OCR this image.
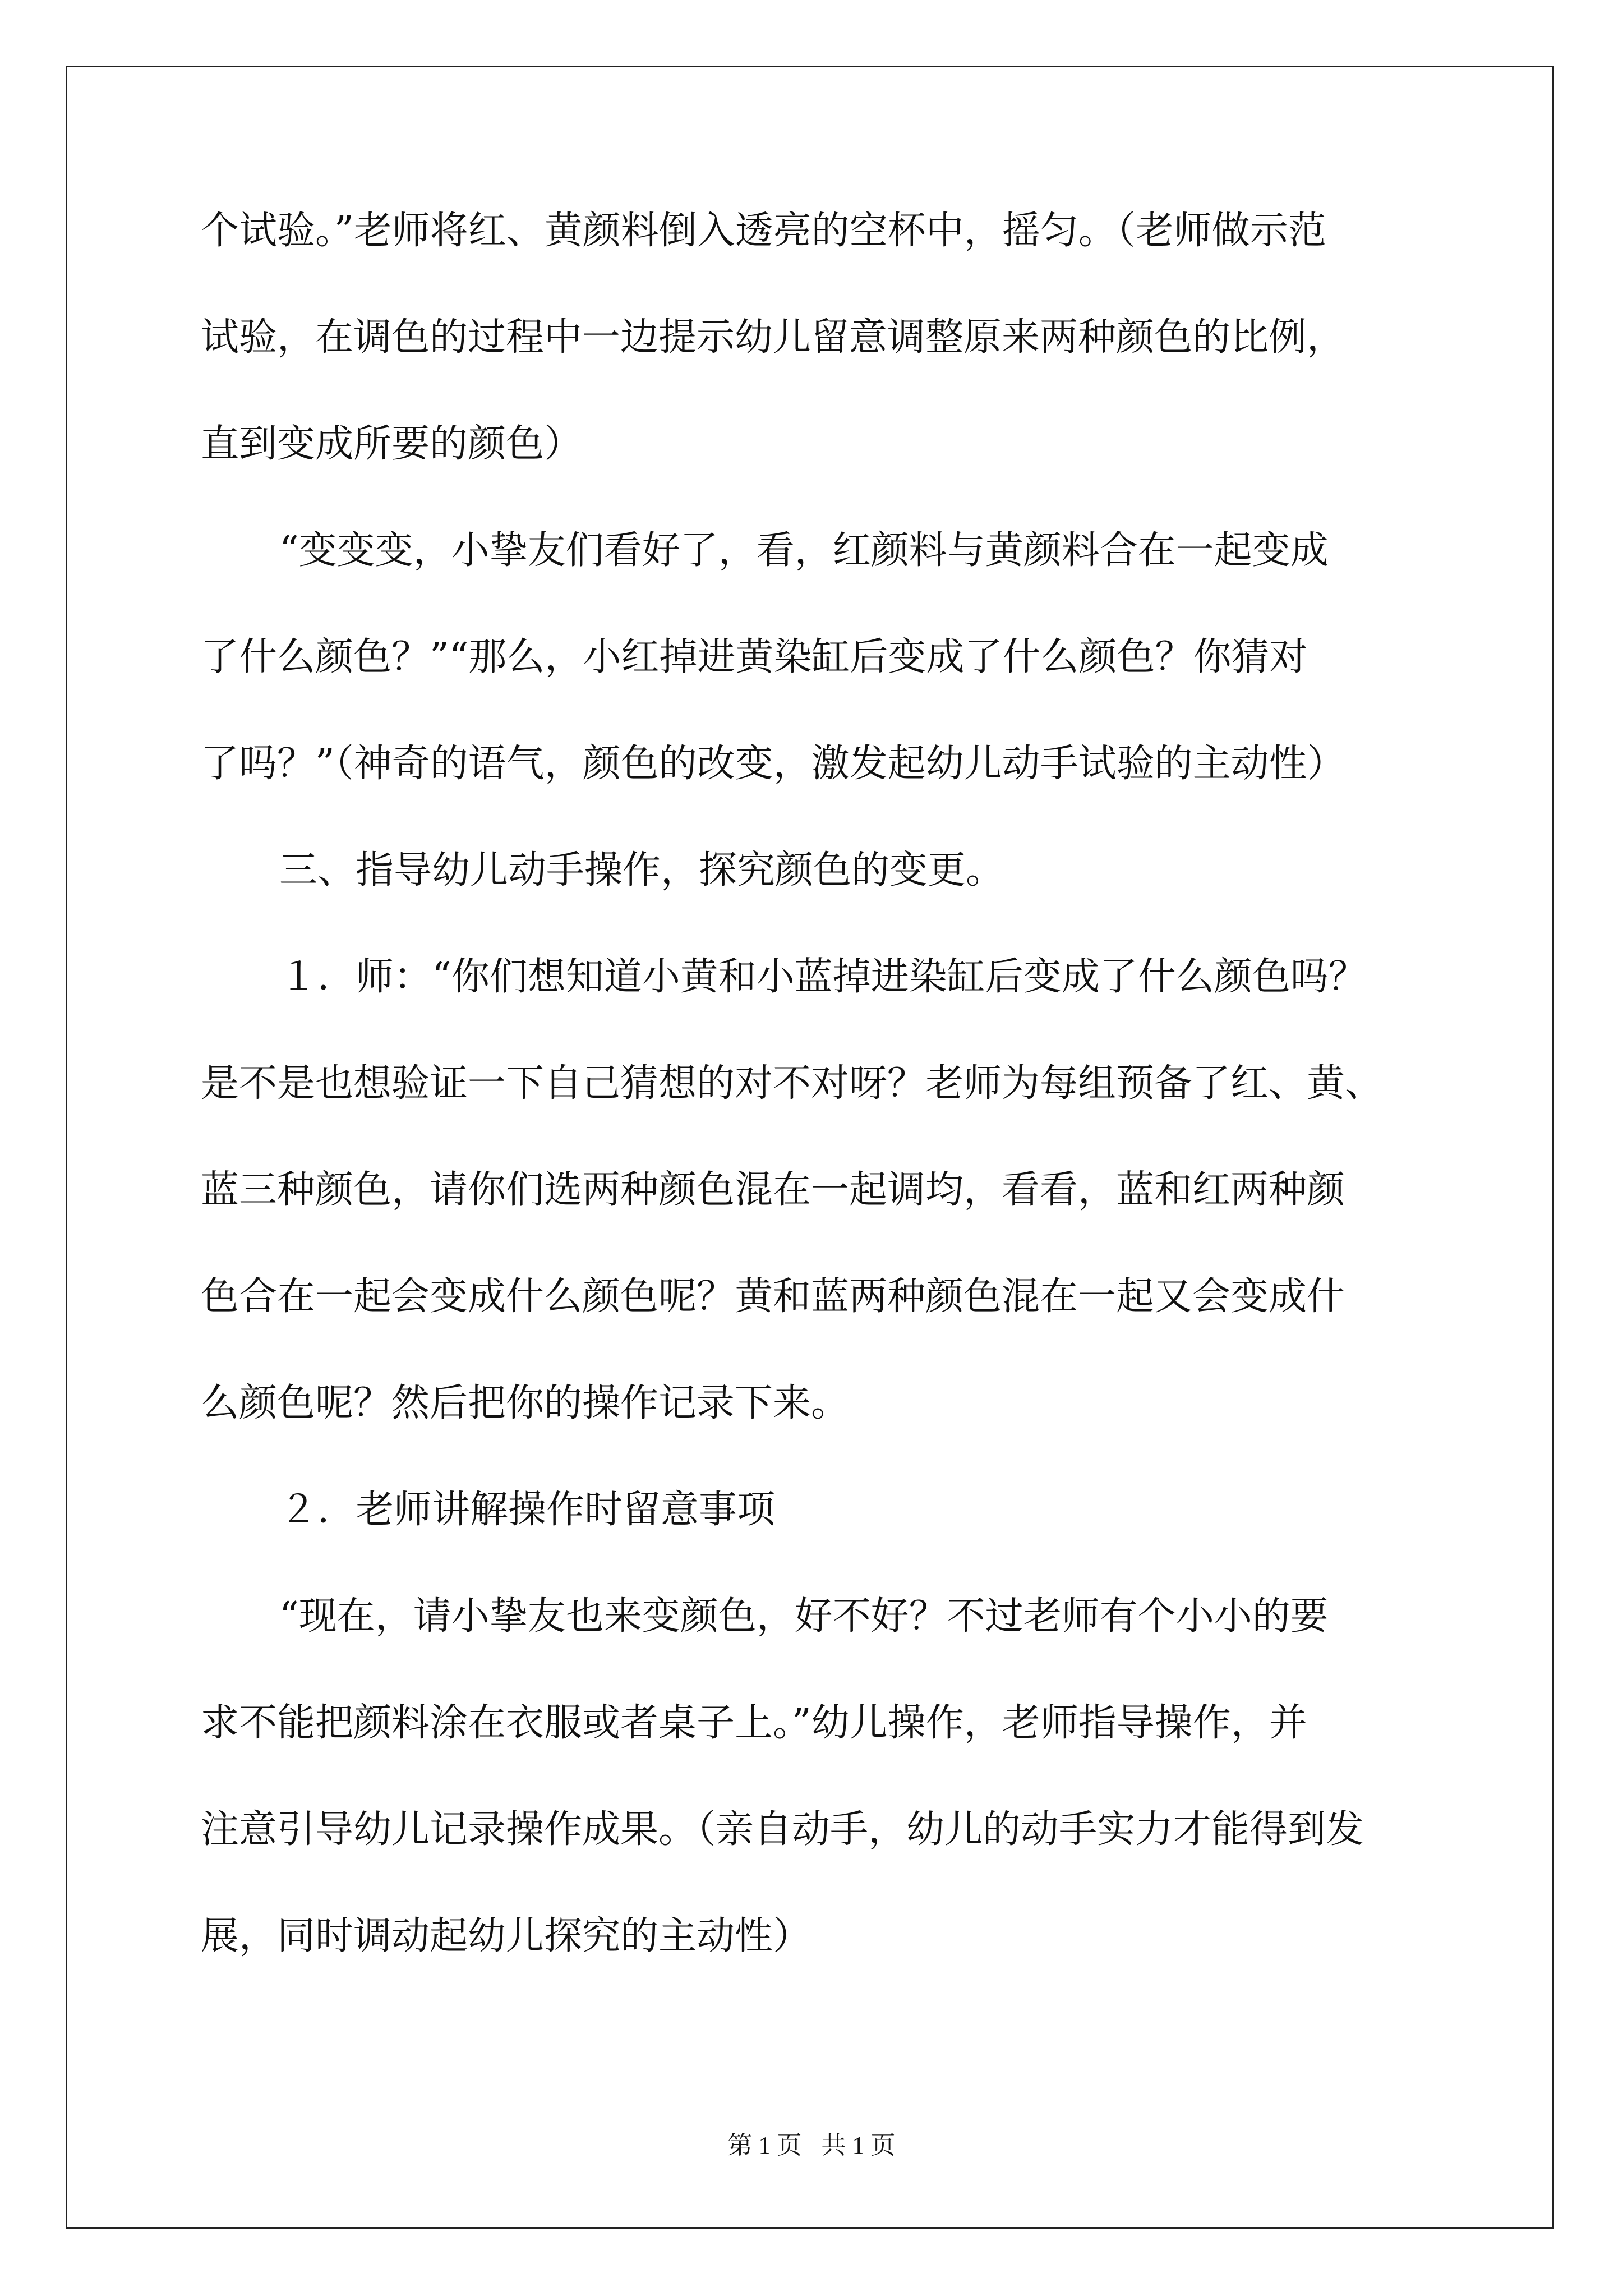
个试验。”老师将红、黄颜料倒入透亮的空杯中，摇匀。（老师做示范
试验，在调色的过程中一边提示幼儿留意调整原来两种颜色的比例，
直到变成所要的颜色）
“变变变，小挚友们看好了，看，红颜料与黄颜料合在一起变成
了什么颜色？”“那么，小红掉进黄染缸后变成了什么颜色？你猜对
了吗？”（神奇的语气，颜色的改变，激发起幼儿动手试验的主动性）
三、指导幼儿动手操作，探究颜色的变更。
１．师：“你们想知道小黄和小蓝掉进染缸后变成了什么颜色吗？
是不是也想验证一下自己猜想的对不对呀？老师为每组预备了红、黄、
蓝三种颜色，请你们选两种颜色混在一起调均，看看，蓝和红两种颜
色合在一起会变成什么颜色呢？黄和蓝两种颜色混在一起又会变成什
么颜色呢？然后把你的操作记录下来。
２．老师讲解操作时留意事项
“现在，请小挚友也来变颜色，好不好？不过老师有个小小的要
求不能把颜料涂在衣服或者桌子上。”幼儿操作，老师指导操作，并
注意引导幼儿记录操作成果。（亲自动手，幼儿的动手实力才能得到发
展，同时调动起幼儿探究的主动性）
第 1 页 共 1 页
